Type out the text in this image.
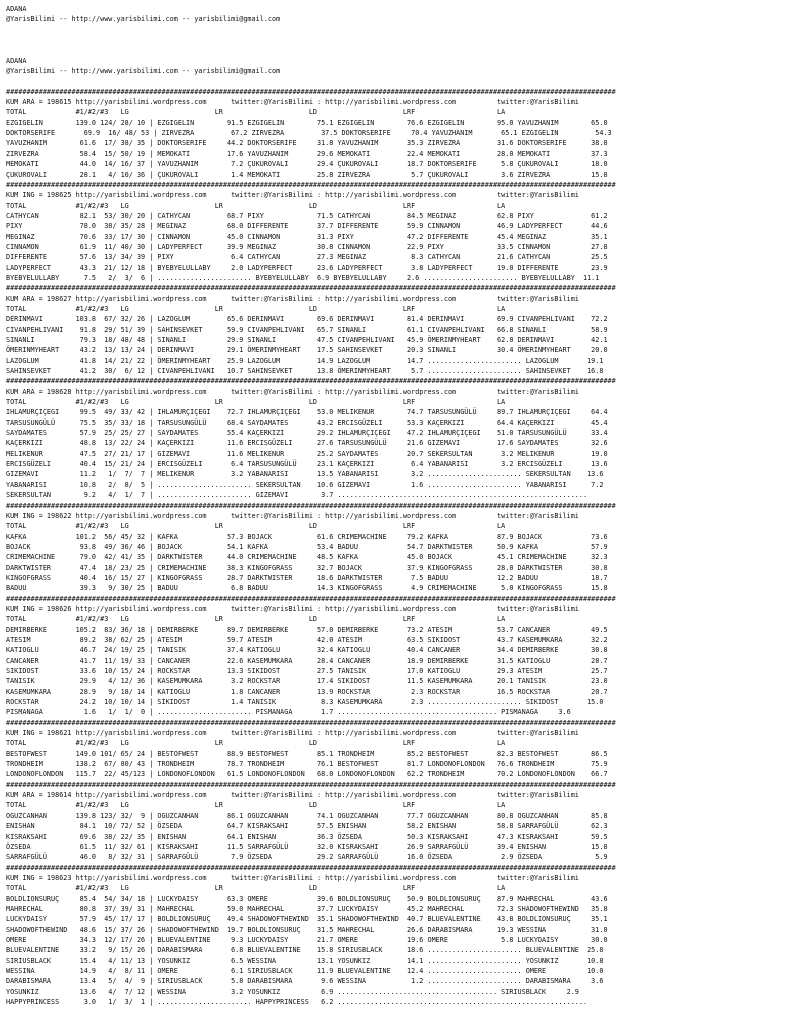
ADANA
@YarisBilimi -- http://www.yarisbilimi.com -- yarisbilimi@gmail.com

ADANA
@YarisBilimi -- http://www.yarisbilimi.com -- yarisbilimi@gmail.com

#####################################################################################################################################################
KUM ARA = 198615 http://yarisbilimi.wordpress.com      twitter:@YarisBilimi : http://yarisbilimi.wordpress.com          twitter:@YarisBilimi
TOTAL            #1/#2/#3   LG                     LR                     LD                     LRF                    LA
EZGIGELIN        139.0 124/ 28/ 10 | EZGIGELIN        91.5 EZGIGELIN        75.1 EZGIGELIN        76.6 EZGIGELIN        95.0 YAVUZHANIM        65.0
DOKTORSERIFE       69.9  16/ 48/ 53 | ZIRVEZRA         67.2 ZIRVEZRA         37.5 DOKTORSERIFE     70.4 YAVUZHANIM       65.1 EZGIGELIN         54.3
YAVUZHANIM        61.6  17/ 38/ 35 | DOKTORSERIFE     44.2 DOKTORSERIFE     31.8 YAVUZHANIM       35.3 ZIRVEZRA         31.6 DOKTORSERIFE      38.8
ZIRVEZRA          58.4  15/ 50/ 19 | MEMOKATI         17.6 YAVUZHANIM       29.6 MEMOKATI         22.4 MEMOKATI         28.0 MEMOKATI          37.3
MEMOKATI          44.0  14/ 16/ 37 | YAVUZHANIM        7.2 ÇUKUROVALI       29.4 ÇUKUROVALI       18.7 DOKTORSERIFE      5.8 ÇUKUROVALI        18.0
ÇUKUROVALI        28.1   4/ 10/ 36 | ÇUKUROVALI        1.4 MEMOKATI         25.8 ZIRVEZRA          5.7 ÇUKUROVALI        3.6 ZIRVEZRA          15.8
#####################################################################################################################################################
KUM ING = 198625 http://yarisbilimi.wordpress.com      twitter:@YarisBilimi : http://yarisbilimi.wordpress.com          twitter:@YarisBilimi
TOTAL            #1/#2/#3   LG                     LR                     LD                     LRF                    LA
CATHYCAN          82.1  53/ 30/ 20 | CATHYCAN         68.7 PIXY             71.5 CATHYCAN         84.5 MEGINAZ          62.8 PIXY              61.2
PIXY              78.0  38/ 35/ 28 | MEGINAZ          68.0 DIFFERENTE       37.7 DIFFERENTE       59.9 CINNAMON         46.9 LADYPERFECT       44.6
MEGINAZ           70.6  33/ 17/ 30 | CINNAMON         45.0 CINNAMON         31.3 PIXY             47.2 DIFFERENTE       45.4 MEGINAZ           35.1
CINNAMON          61.9  11/ 40/ 30 | LADYPERFECT      39.9 MEGINAZ          30.8 CINNAMON         22.9 PIXY             33.5 CINNAMON          27.8
DIFFERENTE        57.6  13/ 34/ 39 | PIXY              6.4 CATHYCAN         27.3 MEGINAZ           8.3 CATHYCAN         21.6 CATHYCAN          25.5
LADYPERFECT       43.3  21/ 12/ 18 | BYEBYELULLABY     2.0 LADYPERFECT      23.6 LADYPERFECT       3.8 LADYPERFECT      19.0 DIFFERENTE        23.9
BYEBYELULLABY      7.5   2/  3/  6 | ....................... BYEBYELULLABY  6.9 BYEBYELULLABY     2.6 ....................... BYEBYELULLABY  11.1
#####################################################################################################################################################
KUM ARA = 198627 http://yarisbilimi.wordpress.com      twitter:@YarisBilimi : http://yarisbilimi.wordpress.com          twitter:@YarisBilimi
TOTAL            #1/#2/#3   LG                     LR                     LD                     LRF                    LA
DERINMAVI        103.8  67/ 32/ 26 | LAZOGLUM         65.6 DERINMAVI        69.6 DERINMAVI        81.4 DERINMAVI        69.9 CIVANPEHLIVANI    72.2
CIVANPEHLIVANI    91.8  29/ 51/ 39 | SAHINSEVKET      59.9 CIVANPEHLIVANI   65.7 SINANLI          61.1 CIVANPEHLIVANI   66.8 SINANLI           58.9
SINANLI           79.3  18/ 48/ 48 | SINANLI          29.9 SINANLI          47.5 CIVANPEHLIVANI   45.9 ÖMERINMYHEART    62.0 DERINMAVI         42.1
ÖMERINMYHEART     43.2  13/ 13/ 24 | DERINMAVI        29.1 ÖMERINMYHEART    17.5 SAHINSEVKET      20.3 SINANLI          30.4 ÖMERINMYHEART     20.0
LAZOGLUM          41.8  14/ 21/ 22 | ÖMERINMYHEART    25.9 LAZOGLUM         14.9 LAZOGLUM         14.7 ....................... LAZOGLUM       19.1
SAHINSEVKET       41.2  30/  6/ 12 | CIVANPEHLIVANI   10.7 SAHINSEVKET      13.8 ÖMERINMYHEART     5.7 ....................... SAHINSEVKET    16.8
#####################################################################################################################################################
KUM ARA = 198628 http://yarisbilimi.wordpress.com      twitter:@YarisBilimi : http://yarisbilimi.wordpress.com          twitter:@YarisBilimi
TOTAL            #1/#2/#3   LG                     LR                     LD                     LRF                    LA
IHLAMURÇIÇEGI     99.5  49/ 33/ 42 | IHLAMURÇIÇEGI    72.7 IHLAMURÇIÇEGI    53.0 MELIKENUR        74.7 TARSUSUNGÜLÜ     89.7 IHLAMURÇIÇEGI     64.4
TARSUSUNGÜLÜ      75.5  35/ 33/ 18 | TARSUSUNGÜLÜ     68.4 SAYDAMATES       43.2 ERCISGÜZELI      53.3 KAÇERKIZI        64.4 KAÇERKIZI         45.4
SAYDAMATES        57.9  25/ 25/ 27 | SAYDAMATES       55.4 KAÇERKIZI        29.2 IHLAMURÇIÇEGI    47.2 IHLAMURÇIÇEGI    51.0 TARSUSUNGÜLÜ      33.4
KAÇERKIZI         48.8  13/ 22/ 24 | KAÇERKIZI        11.6 ERCISGÜZELI      27.6 TARSUSUNGÜLÜ     21.6 GIZEMAVI         17.6 SAYDAMATES        32.6
MELIKENUR         47.5  27/ 21/ 17 | GIZEMAVI         11.6 MELIKENUR        25.2 SAYDAMATES       20.7 SEKERSULTAN       3.2 MELIKENUR         19.0
ERCISGÜZELI       40.4  15/ 21/ 24 | ERCISGÜZELI       6.4 TARSUSUNGÜLÜ     23.1 KAÇERKIZI         6.4 YABANARISI        3.2 ERCISGÜZELI       13.6
GIZEMAVI          11.2   1/  7/  7 | MELIKENUR         3.2 YABANARISI       13.5 YABANARISI        3.2 ....................... SEKERSULTAN    13.6
YABANARISI        10.8   2/  8/  5 | ....................... SEKERSULTAN    10.6 GIZEMAVI          1.6 ....................... YABANARISI      7.2
SEKERSULTAN        9.2   4/  1/  7 | ....................... GIZEMAVI        3.7 .............................................................
#####################################################################################################################################################
KUM ING = 198622 http://yarisbilimi.wordpress.com      twitter:@YarisBilimi : http://yarisbilimi.wordpress.com          twitter:@YarisBilimi
TOTAL            #1/#2/#3   LG                     LR                     LD                     LRF                    LA
KAFKA            101.2  56/ 45/ 32 | KAFKA            57.3 BOJACK           61.6 CRIMEMACHINE     79.2 KAFKA            87.9 BOJACK            73.6
BOJACK            93.8  49/ 36/ 46 | BOJACK           54.1 KAFKA            53.4 BADUU            54.7 DARKTWISTER      50.9 KAFKA             57.9
CRIMEMACHINE      79.0  42/ 41/ 35 | DARKTWISTER      44.0 CRIMEMACHINE     48.5 KAFKA            45.0 BOJACK           45.1 CRIMEMACHINE      32.3
DARKTWISTER       47.4  18/ 23/ 25 | CRIMEMACHINE     38.3 KINGOFGRASS      32.7 BOJACK           37.9 KINGOFGRASS      28.0 DARKTWISTER       30.8
KINGOFGRASS       40.4  16/ 15/ 27 | KINGOFGRASS      28.7 DARKTWISTER      18.6 DARKTWISTER       7.5 BADUU            12.2 BADUU             18.7
BADUU             39.3   9/ 30/ 25 | BADUU             6.8 BADUU            14.3 KINGOFGRASS       4.9 CRIMEMACHINE      5.0 KINGOFGRASS       15.8
#####################################################################################################################################################
KUM ING = 198626 http://yarisbilimi.wordpress.com      twitter:@YarisBilimi : http://yarisbilimi.wordpress.com          twitter:@YarisBilimi
TOTAL            #1/#2/#3   LG                     LR                     LD                     LRF                    LA
DEMIRBERKE       105.2  83/ 36/ 18 | DEMIRBERKE       89.7 DEMIRBERKE       57.0 DEMIRBERKE       73.2 ATESIM           53.7 CANCANER          49.5
ATESIM            89.2  38/ 62/ 25 | ATESIM           59.7 ATESIM           42.0 ATESIM           63.5 SIKIDOST         43.7 KASEMUMKARA       32.2
KATIOGLU          46.7  24/ 19/ 25 | TANISIK          37.4 KATIOGLU         32.4 KATIOGLU         40.4 CANCANER         34.4 DEMIRBERKE        30.8
CANCANER          41.7  11/ 19/ 33 | CANCANER         22.6 KASEMUMKARA      28.4 CANCANER         18.9 DEMIRBERKE       31.5 KATIOGLU          28.7
SIKIDOST          33.6  10/ 15/ 24 | ROCKSTAR         13.3 SIKIDOST         27.5 TANISIK          17.0 KATIOGLU         29.3 ATESIM            25.7
TANISIK           29.9   4/ 12/ 36 | KASEMUMKARA       3.2 ROCKSTAR         17.4 SIKIDOST         11.5 KASEMUMKARA      20.1 TANISIK           23.0
KASEMUMKARA       28.9   9/ 18/ 14 | KATIOGLU          1.8 CANCANER         13.9 ROCKSTAR          2.3 ROCKSTAR         16.5 ROCKSTAR          20.7
ROCKSTAR          24.2  10/ 10/ 14 | SIKIDOST          1.4 TANISIK           8.3 KASEMUMKARA       2.3 ....................... SIKIDOST       15.0
PISMANAGA          1.6   1/  1/  0 | ....................... PISMANAGA       1.7 ....................................... PISMANAGA     3.6
#####################################################################################################################################################
KUM ING = 198621 http://yarisbilimi.wordpress.com      twitter:@YarisBilimi : http://yarisbilimi.wordpress.com          twitter:@YarisBilimi
TOTAL            #1/#2/#3   LG                     LR                     LD                     LRF                    LA
BESTOFWEST       149.0 101/ 65/ 24 | BESTOFWEST       88.9 BESTOFWEST       85.1 TRONDHEIM        85.2 BESTOFWEST       82.3 BESTOFWEST        86.5
TRONDHEIM        138.2  67/ 80/ 43 | TRONDHEIM        78.7 TRONDHEIM        76.1 BESTOFWEST       81.7 LONDONOFLONDON   76.6 TRONDHEIM         75.9
LONDONOFLONDON   115.7  22/ 45/123 | LONDONOFLONDON   61.5 LONDONOFLONDON   68.0 LONDONOFLONDON   62.2 TRONDHEIM        70.2 LONDONOFLONDON    66.7
#####################################################################################################################################################
KUM ARA = 198614 http://yarisbilimi.wordpress.com      twitter:@YarisBilimi : http://yarisbilimi.wordpress.com          twitter:@YarisBilimi
TOTAL            #1/#2/#3   LG                     LR                     LD                     LRF                    LA
OGUZCANHAN       139.8 123/ 32/  9 | OGUZCANHAN       86.1 OGUZCANHAN       74.1 OGUZCANHAN       77.7 OGUZCANHAN       80.8 OGUZCANHAN        85.8
ENISHAN           84.1  10/ 72/ 52 | ÖZSEDA           64.7 KISRAKSAHI       57.5 ENISHAN          58.2 ENISHAN          58.8 SARRAFGÜLÜ        62.3
KISRAKSAHI        69.6  38/ 22/ 35 | ENISHAN          64.1 ENISHAN          36.3 ÖZSEDA           50.3 KISRAKSAHI       47.3 KISRAKSAHI        59.5
ÖZSEDA            61.5  11/ 32/ 61 | KISRAKSAHI       11.5 SARRAFGÜLÜ       32.0 KISRAKSAHI       26.9 SARRAFGÜLÜ       39.4 ENISHAN           15.8
SARRAFGÜLÜ        46.0   8/ 32/ 31 | SARRAFGÜLÜ        7.9 ÖZSEDA           29.2 SARRAFGÜLÜ       16.0 ÖZSEDA            2.9 ÖZSEDA             5.9
#####################################################################################################################################################
KUM ING = 198623 http://yarisbilimi.wordpress.com      twitter:@YarisBilimi : http://yarisbilimi.wordpress.com          twitter:@YarisBilimi
TOTAL            #1/#2/#3   LG                     LR                     LD                     LRF                    LA
BOLDLIONSURUÇ     85.4  54/ 34/ 18 | LUCKYDAISY       63.3 OMERE            39.6 BOLDLIONSURUÇ    50.9 BOLDLIONSURUÇ    87.9 MAHRECHAL         43.6
MAHRECHAL         80.8  37/ 39/ 31 | MAHRECHAL        59.0 MAHRECHAL        37.7 LUCKYDAISY       45.2 MAHRECHAL        72.3 SHADOWOFTHEWIND   35.8
LUCKYDAISY        57.9  45/ 17/ 17 | BOLDLIONSURUÇ    49.4 SHADOWOFTHEWIND  35.1 SHADOWOFTHEWIND  40.7 BLUEVALENTINE    43.8 BOLDLIONSURUÇ     35.1
SHADOWOFTHEWIND   48.6  15/ 37/ 26 | SHADOWOFTHEWIND  19.7 BOLDLIONSURUÇ    31.5 MAHRECHAL        26.6 DARABISMARA      19.3 WESSINA           31.0
OMERE             34.3  12/ 17/ 26 | BLUEVALENTINE     9.3 LUCKYDAISY       21.7 OMERE            19.6 OMERE             5.8 LUCKYDAISY        30.0
BLUEVALENTINE     33.2   9/ 15/ 26 | DARABISMARA       6.8 BLUEVALENTINE    15.8 SIRIUSBLACK      18.6 ....................... BLUEVALENTINE  25.8
SIRIUSBLACK       15.4   4/ 11/ 13 | YOSUNKIZ          6.5 WESSINA          13.1 YOSUNKIZ         14.1 ....................... YOSUNKIZ       10.8
WESSINA           14.9   4/  8/ 11 | OMERE             6.1 SIRIUSBLACK      11.9 BLUEVALENTINE    12.4 ....................... OMERE          10.0
DARABISMARA       13.4   5/  4/  9 | SIRIUSBLACK       5.8 DARABISMARA       9.6 WESSINA           1.2 ....................... DARABISMARA     3.6
YOSUNKIZ          13.6   4/  7/ 12 | WESSINA           3.2 YOSUNKIZ          6.9 ....................................... SIRIUSBLACK     2.9
HAPPYPRINCESS      3.0   1/  3/  1 | ....................... HAPPYPRINCESS   6.2 .............................................................
